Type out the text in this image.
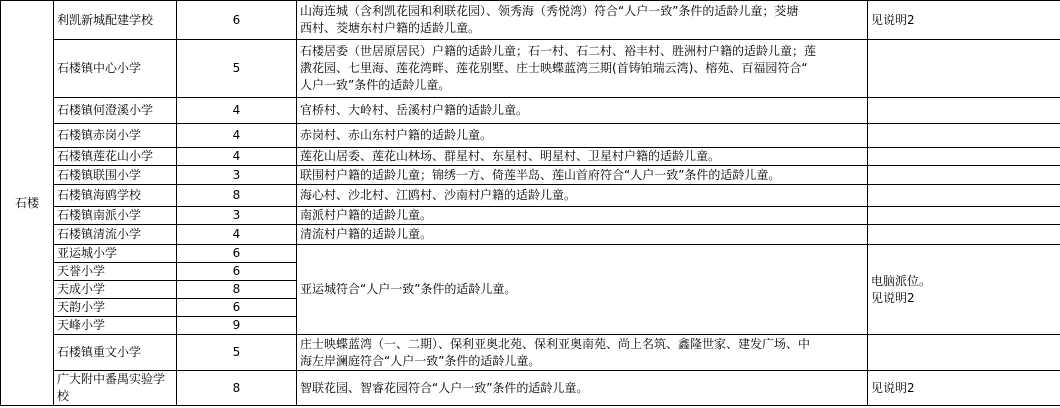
石楼	利凯新城配建学校	6	山海连城（含利凯花园和利联花园）、领秀海（秀悦湾）符合“人户一致”条件的适龄儿童；茭塘
西村、茭塘东村户籍的适龄儿童。	见说明2
	石楼镇中心小学	5	石楼居委（世居原居民）户籍的适龄儿童；石一村、石二村、裕丰村、胜洲村户籍的适龄儿童；莲
漖花园、七里海、莲花湾畔、莲花别墅、庄士映蝶蓝湾三期(首铸铂瑞云湾)、榕苑、百福园符合“
人户一致”条件的适龄儿童。	

	石楼镇何澄溪小学	4	官桥村、大岭村、岳溪村户籍的适龄儿童。	
	石楼镇赤岗小学	4	赤岗村、赤山东村户籍的适龄儿童。	
	石楼镇莲花山小学	4	莲花山居委、莲花山林场、群星村、东星村、明星村、卫星村户籍的适龄儿童。	
	石楼镇联围小学	3	联围村户籍的适龄儿童；锦绣一方、倚莲半岛、莲山首府符合“人户一致”条件的适龄儿童。	
	石楼镇海鸥学校	8	海心村、沙北村、江鸥村、沙南村户籍的适龄儿童。	
	石楼镇南派小学	3	南派村户籍的适龄儿童。	
	石楼镇清流小学	4	清流村户籍的适龄儿童。	
	亚运城小学	6	亚运城符合“人户一致”条件的适龄儿童。	电脑派位。
见说明2

	天誉小学	6		
	天成小学	8		
	天韵小学	6		
	天峰小学	9		
	石楼镇重文小学	5	庄士映蝶蓝湾（一、二期）、保利亚奥北苑、保利亚奥南苑、尚上名筑、鑫隆世家、建发广场、中
海左岸澜庭符合“人户一致”条件的适龄儿童。	

	广大附中番禺实验学
校	8	智联花园、智睿花园符合“人户一致”条件的适龄儿童。	见说明2
